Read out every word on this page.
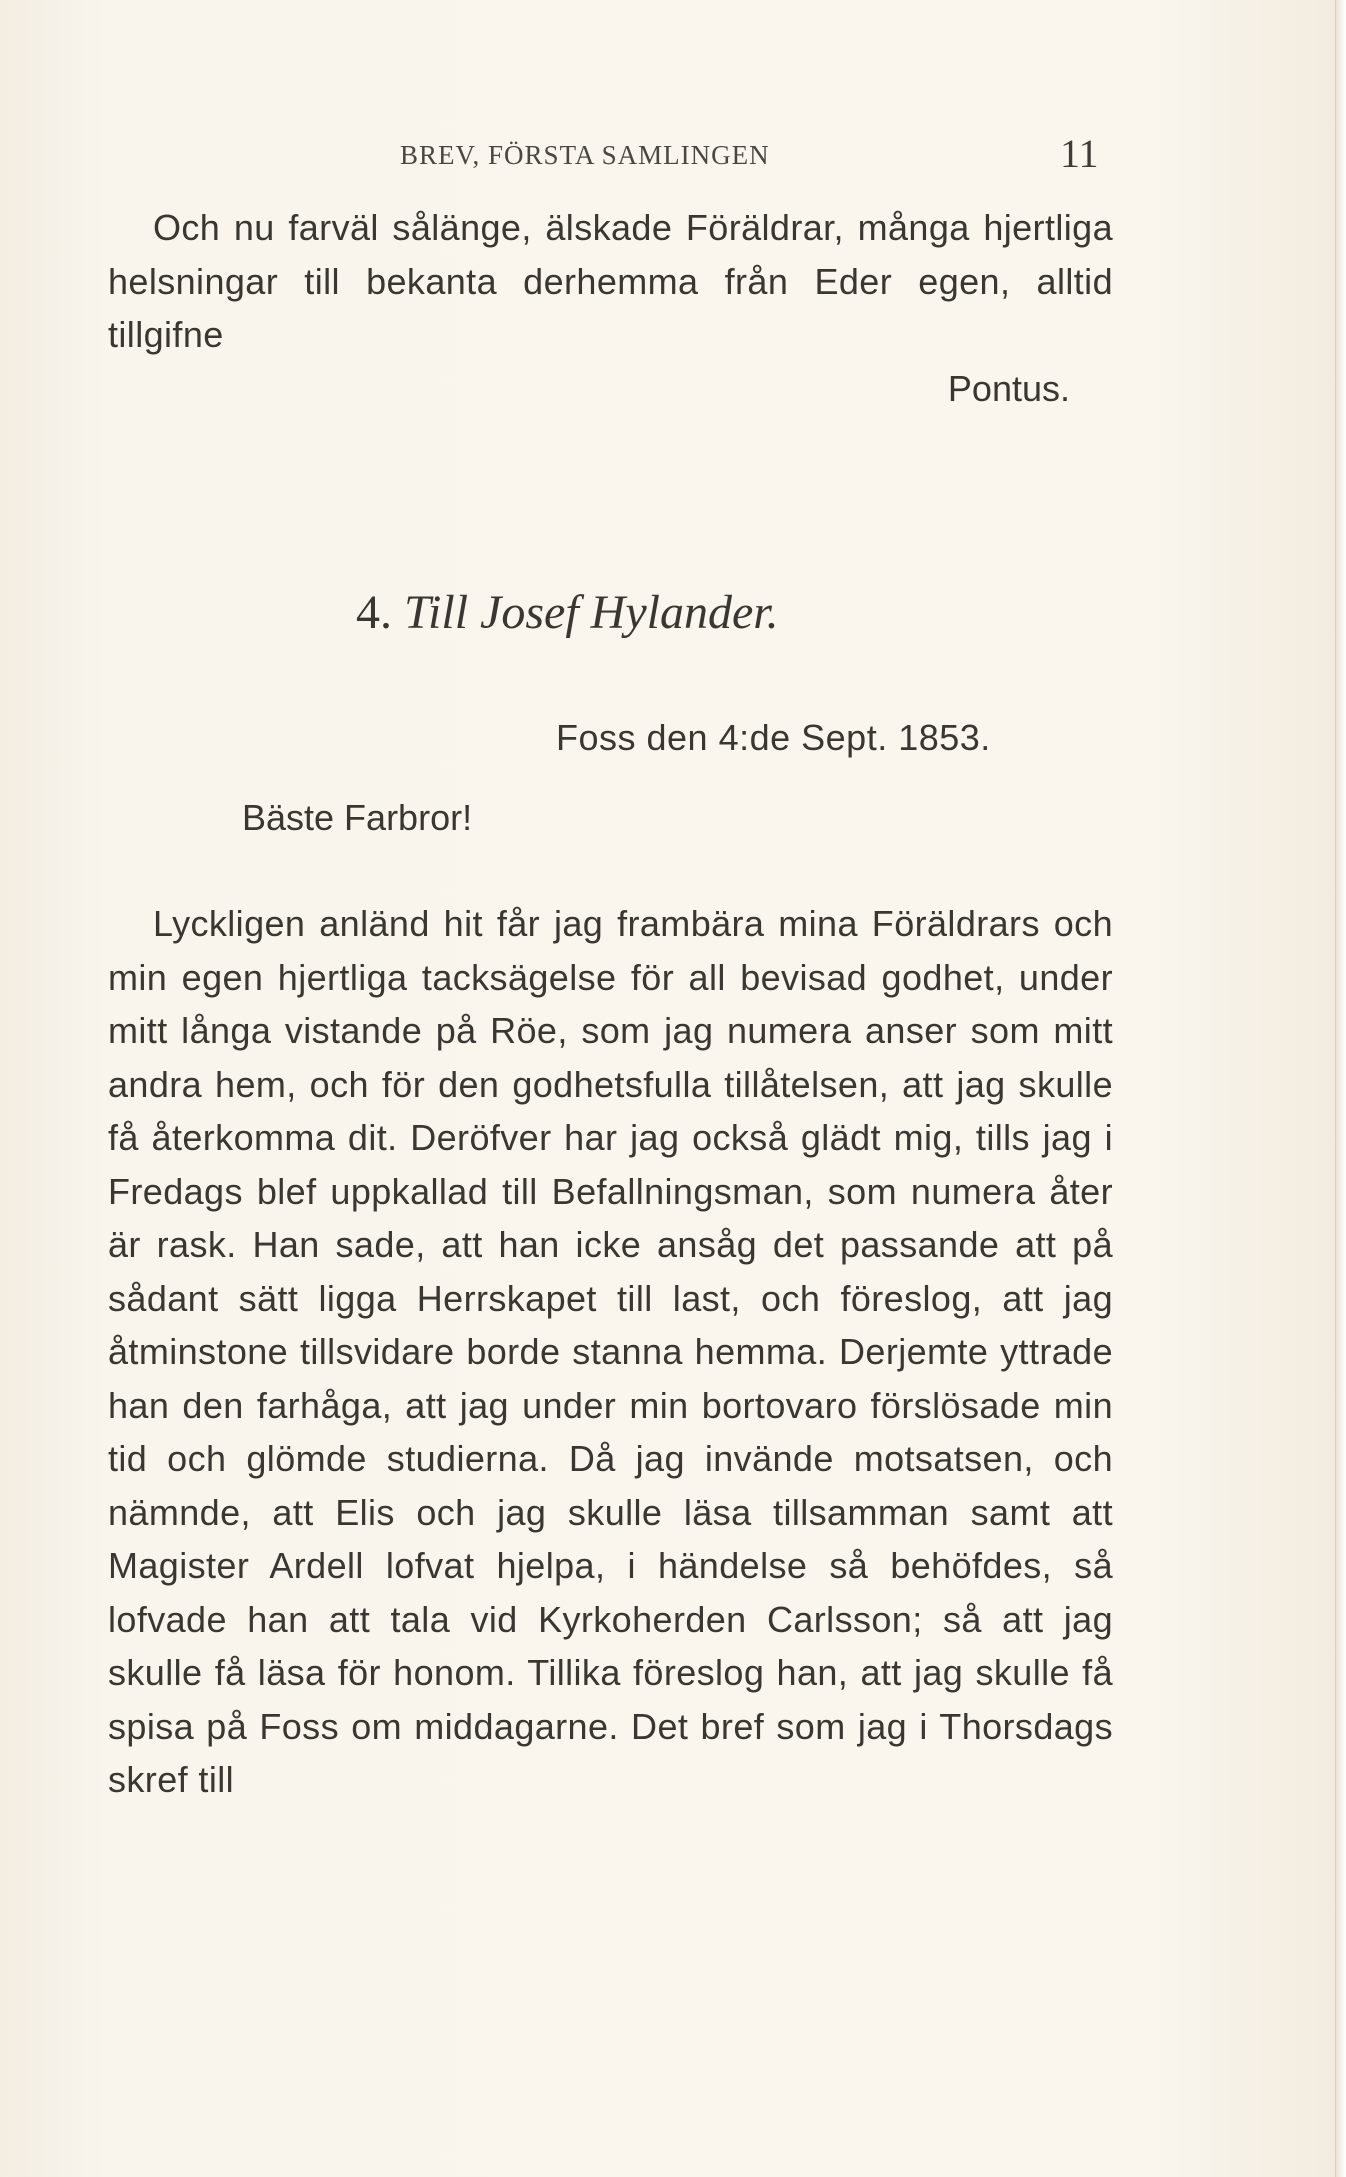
BREV, FÖRSTA SAMLINGEN	11

Och nu farväl sålänge, älskade Föräldrar, många hjertliga helsningar till bekanta derhemma från Eder egen, alltid tillgifne

Pontus.
4. Till Josef Hylander.
Foss den 4:de Sept. 1853.
Bäste Farbror!

Lyckligen anländ hit får jag frambära mina Föräldrars och min egen hjertliga tacksägelse för all bevisad godhet, under mitt långa vistande på Röe, som jag numera anser som mitt andra hem, och för den godhetsfulla tillåtelsen, att jag skulle få återkomma dit. Deröfver har jag också glädt mig, tills jag i Fredags blef uppkallad till Befallningsman, som numera åter är rask. Han sade, att han icke ansåg det passande att på sådant sätt ligga Herrskapet till last, och föreslog, att jag åtminstone tillsvidare borde stanna hemma. Derjemte yttrade han den farhåga, att jag under min bortovaro förslösade min tid och glömde studierna. Då jag invände motsatsen, och nämnde, att Elis och jag skulle läsa tillsamman samt att Magister Ardell lofvat hjelpa, i händelse så behöfdes, så lofvade han att tala vid Kyrkoherden Carlsson; så att jag skulle få läsa för honom. Tillika föreslog han, att jag skulle få spisa på Foss om middagarne. Det bref som jag i Thorsdags skref till
